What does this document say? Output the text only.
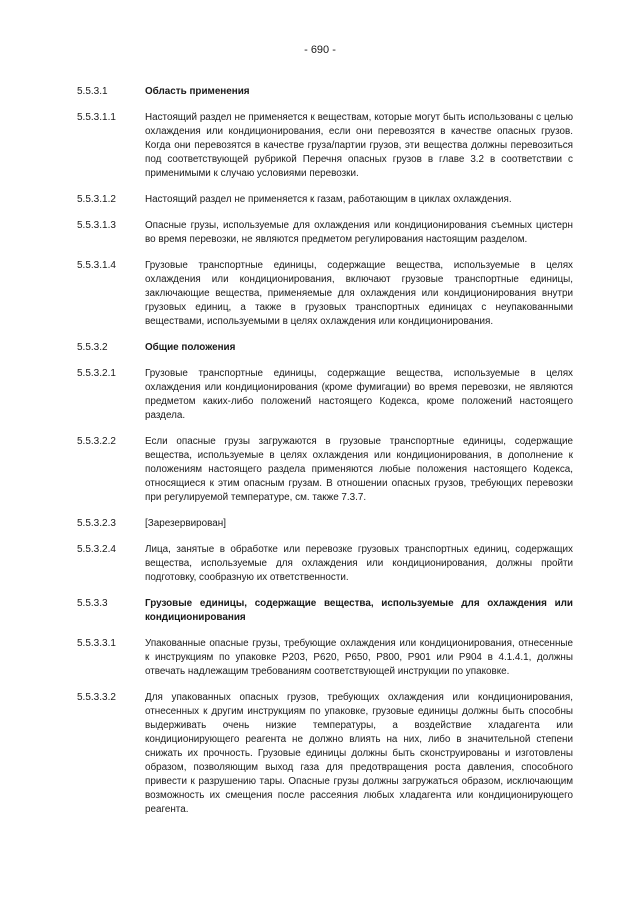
- 690 -
5.5.3.1	Область применения
5.5.3.1.1	Настоящий раздел не применяется к веществам, которые могут быть использованы с целью охлаждения или кондиционирования, если они перевозятся в качестве опасных грузов. Когда они перевозятся в качестве груза/партии грузов, эти вещества должны перевозиться под соответствующей рубрикой Перечня опасных грузов в главе 3.2 в соответствии с применимыми к случаю условиями перевозки.
5.5.3.1.2	Настоящий раздел не применяется к газам, работающим в циклах охлаждения.
5.5.3.1.3	Опасные грузы, используемые для охлаждения или кондиционирования съемных цистерн во время перевозки, не являются предметом регулирования настоящим разделом.
5.5.3.1.4	Грузовые транспортные единицы, содержащие вещества, используемые в целях охлаждения или кондиционирования, включают грузовые транспортные единицы, заключающие вещества, применяемые для охлаждения или кондиционирования внутри грузовых единиц, а также в грузовых транспортных единицах с неупакованными веществами, используемыми в целях охлаждения или кондиционирования.
5.5.3.2	Общие положения
5.5.3.2.1	Грузовые транспортные единицы, содержащие вещества, используемые в целях охлаждения или кондиционирования (кроме фумигации) во время перевозки, не являются предметом каких-либо положений настоящего Кодекса, кроме положений настоящего раздела.
5.5.3.2.2	Если опасные грузы загружаются в грузовые транспортные единицы, содержащие вещества, используемые в целях охлаждения или кондиционирования, в дополнение к положениям настоящего раздела применяются любые положения настоящего Кодекса, относящиеся к этим опасным грузам. В отношении опасных грузов, требующих перевозки при регулируемой температуре, см. также 7.3.7.
5.5.3.2.3	[Зарезервирован]
5.5.3.2.4	Лица, занятые в обработке или перевозке грузовых транспортных единиц, содержащих вещества, используемые для охлаждения или кондиционирования, должны пройти подготовку, сообразную их ответственности.
5.5.3.3	Грузовые единицы, содержащие вещества, используемые для охлаждения или кондиционирования
5.5.3.3.1	Упакованные опасные грузы, требующие охлаждения или кондиционирования, отнесенные к инструкциям по упаковке P203, P620, P650, P800, P901 или P904 в 4.1.4.1, должны отвечать надлежащим требованиям соответствующей инструкции по упаковке.
5.5.3.3.2	Для упакованных опасных грузов, требующих охлаждения или кондиционирования, отнесенных к другим инструкциям по упаковке, грузовые единицы должны быть способны выдерживать очень низкие температуры, а воздействие хладагента или кондиционирующего реагента не должно влиять на них, либо в значительной степени снижать их прочность. Грузовые единицы должны быть сконструированы и изготовлены образом, позволяющим выход газа для предотвращения роста давления, способного привести к разрушению тары. Опасные грузы должны загружаться образом, исключающим возможность их смещения после рассеяния любых хладагента или кондиционирующего реагента.
